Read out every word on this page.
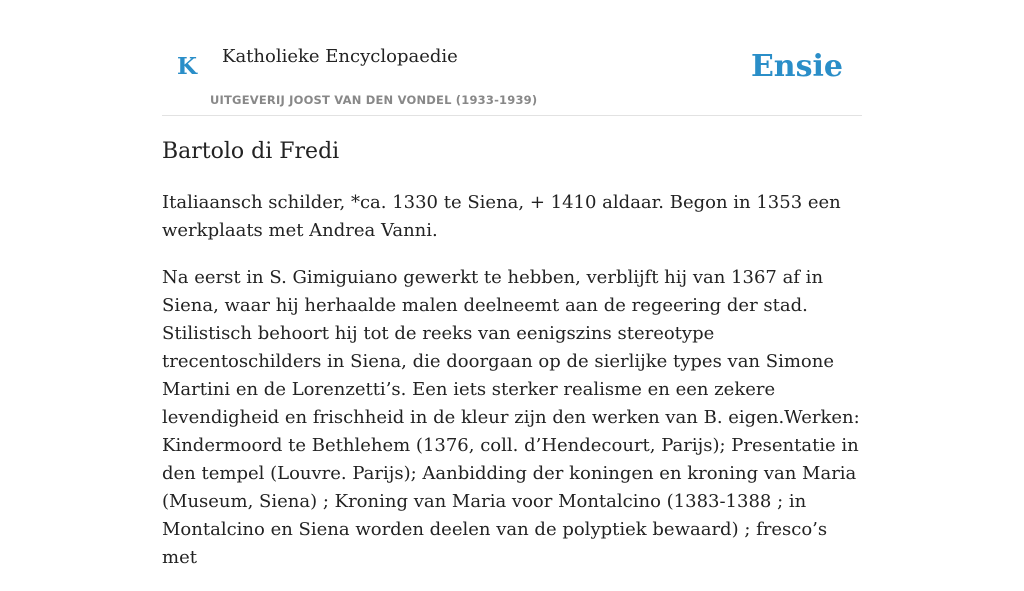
K Katholieke Encyclopaedie
UITGEVERIJ JOOST VAN DEN VONDEL (1933-1939)
Ensie
Bartolo di Fredi

Italiaansch schilder, *ca. 1330 te Siena, + 1410 aldaar. Begon in 1353 een werkplaats met Andrea Vanni.

Na eerst in S. Gimiguiano gewerkt te hebben, verblijft hij van 1367 af in Siena, waar hij herhaalde malen deelneemt aan de regeering der stad. Stilistisch behoort hij tot de reeks van eenigszins stereotype trecentoschilders in Siena, die doorgaan op de sierlijke types van Simone Martini en de Lorenzetti’s. Een iets sterker realisme en een zekere levendigheid en frischheid in de kleur zijn den werken van B. eigen.Werken: Kindermoord te Bethlehem (1376, coll. d’Hendecourt, Parijs); Presentatie in den tempel (Louvre. Parijs); Aanbidding der koningen en kroning van Maria (Museum, Siena) ; Kroning van Maria voor Montalcino (1383-1388 ; in Montalcino en Siena worden deelen van de polyptiek bewaard) ; fresco’s met
